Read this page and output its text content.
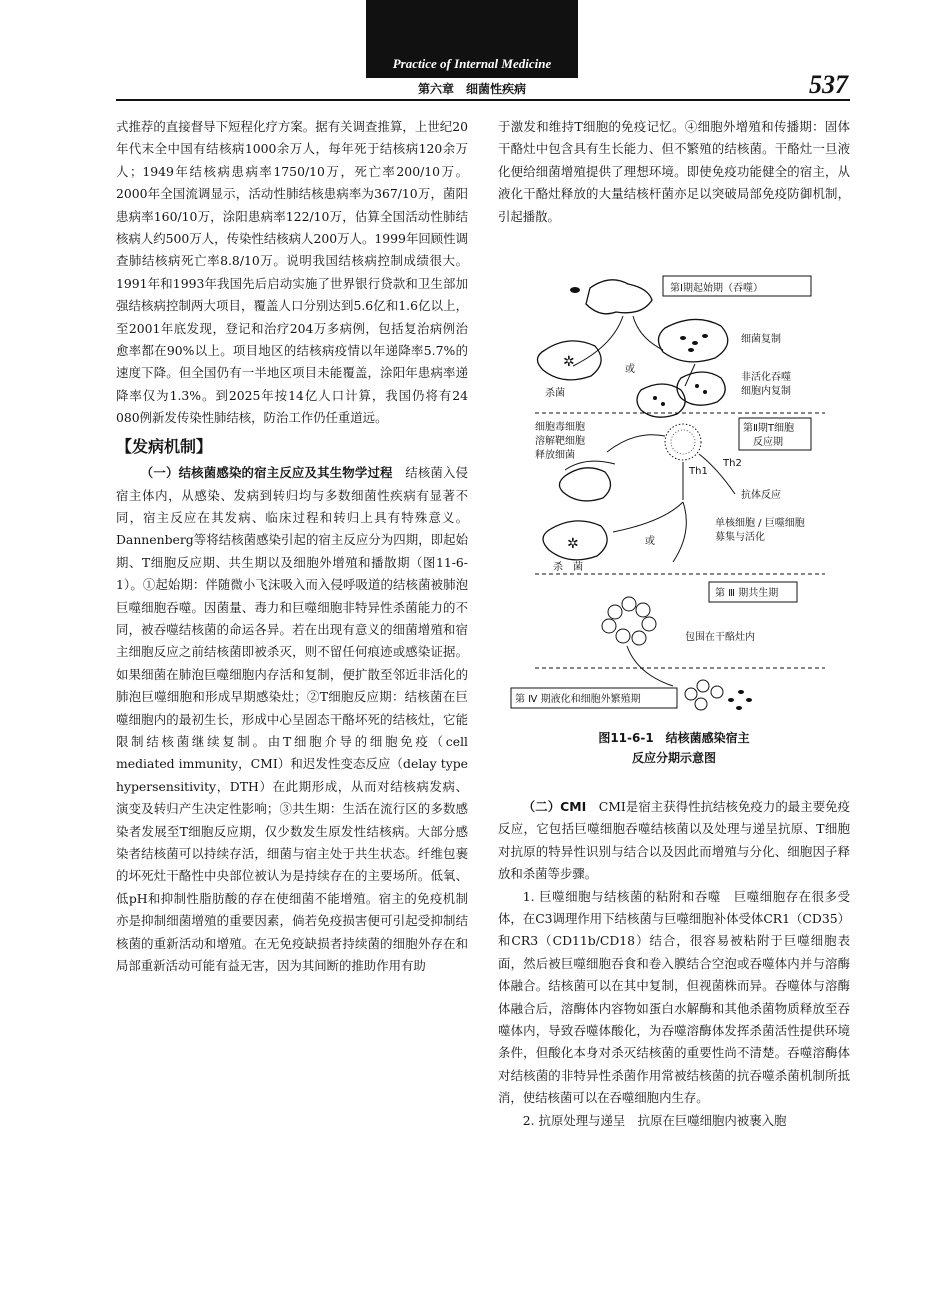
Practice of Internal Medicine
第六章　细菌性疾病	537

式推荐的直接督导下短程化疗方案。据有关调查推算，上世纪20年代末全中国有结核病1000余万人，每年死于结核病120余万人；1949年结核病患病率1750/10万，死亡率200/10万。2000年全国流调显示，活动性肺结核患病率为367/10万，菌阳患病率160/10万，涂阳患病率122/10万，估算全国活动性肺结核病人约500万人，传染性结核病人200万人。1999年回顾性调查肺结核病死亡率8.8/10万。说明我国结核病控制成绩很大。1991年和1993年我国先后启动实施了世界银行贷款和卫生部加强结核病控制两大项目，覆盖人口分别达到5.6亿和1.6亿以上，至2001年底发现，登记和治疗204万多病例，包括复治病例治愈率都在90%以上。项目地区的结核病疫情以年递降率5.7%的速度下降。但全国仍有一半地区项目未能覆盖，涂阳年患病率递降率仅为1.3%。到2025年按14亿人口计算，我国仍将有24 080例新发传染性肺结核，防治工作仍任重道远。

【发病机制】

（一）结核菌感染的宿主反应及其生物学过程　 结核菌入侵宿主体内，从感染、发病到转归均与多数细菌性疾病有显著不同，宿主反应在其发病、临床过程和转归上具有特殊意义。Dannenberg等将结核菌感染引起的宿主反应分为四期，即起始期、T细胞反应期、共生期以及细胞外增殖和播散期（图11-6-1）。①起始期：伴随微小飞沫吸入而入侵呼吸道的结核菌被肺泡巨噬细胞吞噬。因菌量、毒力和巨噬细胞非特异性杀菌能力的不同，被吞噬结核菌的命运各异。若在出现有意义的细菌增殖和宿主细胞反应之前结核菌即被杀灭，则不留任何痕迹或感染证据。如果细菌在肺泡巨噬细胞内存活和复制，便扩散至邻近非活化的肺泡巨噬细胞和形成早期感染灶；②T细胞反应期：结核菌在巨噬细胞内的最初生长，形成中心呈固态干酪坏死的结核灶，它能限制结核菌继续复制。由T细胞介导的细胞免疫（cell mediated immunity，CMI）和迟发性变态反应（delay type hypersensitivity，DTH）在此期形成，从而对结核病发病、演变及转归产生决定性影响；③共生期：生活在流行区的多数感染者发展至T细胞反应期，仅少数发生原发性结核病。大部分感染者结核菌可以持续存活，细菌与宿主处于共生状态。纤维包裹的坏死灶干酪性中央部位被认为是持续存在的主要场所。低氧、低pH和抑制性脂肪酸的存在使细菌不能增殖。宿主的免疫机制亦是抑制细菌增殖的重要因素，倘若免疫损害便可引起受抑制结核菌的重新活动和增殖。在无免疫缺损者持续菌的细胞外存在和局部重新活动可能有益无害，因为其间断的推助作用有助

于激发和维持T细胞的免疫记忆。④细胞外增殖和传播期：固体干酪灶中包含具有生长能力、但不繁殖的结核菌。干酪灶一旦液化便给细菌增殖提供了理想环境。即使免疫功能健全的宿主，从液化干酪灶释放的大量结核杆菌亦足以突破局部免疫防御机制，引起播散。

第Ⅰ期起始期（吞噬）
✲
杀菌
或
细菌复制
非活化吞噬
细胞内复制
第Ⅱ期T细胞
反应期
细胞毒细胞
溶解靶细胞
释放细菌
Th1
Th2
抗体反应
单核细胞 / 巨噬细胞
募集与活化
✲	或
杀　菌
第 Ⅲ 期共生期
包围在干酪灶内
第 Ⅳ 期液化和细胞外繁殖期
图11-6-1　结核菌感染宿主
反应分期示意图

（二）CMI　 CMI是宿主获得性抗结核免疫力的最主要免疫反应，它包括巨噬细胞吞噬结核菌以及处理与递呈抗原、T细胞对抗原的特异性识别与结合以及因此而增殖与分化、细胞因子释放和杀菌等步骤。

1. 巨噬细胞与结核菌的粘附和吞噬　巨噬细胞存在很多受体，在C3调理作用下结核菌与巨噬细胞补体受体CR1（CD35）和CR3（CD11b/CD18）结合，很容易被粘附于巨噬细胞表面，然后被巨噬细胞吞食和卷入膜结合空泡或吞噬体内并与溶酶体融合。结核菌可以在其中复制，但视菌株而异。吞噬体与溶酶体融合后，溶酶体内容物如蛋白水解酶和其他杀菌物质释放至吞噬体内，导致吞噬体酸化，为吞噬溶酶体发挥杀菌活性提供环境条件，但酸化本身对杀灭结核菌的重要性尚不清楚。吞噬溶酶体对结核菌的非特异性杀菌作用常被结核菌的抗吞噬杀菌机制所抵消，使结核菌可以在吞噬细胞内生存。

2. 抗原处理与递呈　抗原在巨噬细胞内被裹入胞
